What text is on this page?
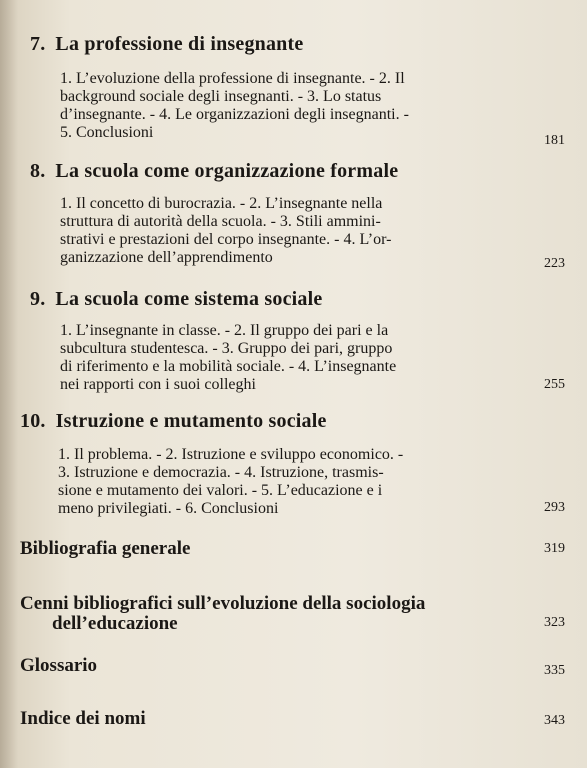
7. La professione di insegnante
1. L’evoluzione della professione di insegnante. - 2. Il
background sociale degli insegnanti. - 3. Lo status
d’insegnante. - 4. Le organizzazioni degli insegnanti. -
5. Conclusioni	181
8. La scuola come organizzazione formale
1. Il concetto di burocrazia. - 2. L’insegnante nella
struttura di autorità della scuola. - 3. Stili ammini-
strativi e prestazioni del corpo insegnante. - 4. L’or-
ganizzazione dell’apprendimento	223
9. La scuola come sistema sociale
1. L’insegnante in classe. - 2. Il gruppo dei pari e la
subcultura studentesca. - 3. Gruppo dei pari, gruppo
di riferimento e la mobilità sociale. - 4. L’insegnante
nei rapporti con i suoi colleghi	255
10. Istruzione e mutamento sociale
1. Il problema. - 2. Istruzione e sviluppo economico. -
3. Istruzione e democrazia. - 4. Istruzione, trasmis-
sione e mutamento dei valori. - 5. L’educazione e i
meno privilegiati. - 6. Conclusioni	293
Bibliografia generale	319
Cenni bibliografici sull’evoluzione della sociologia
dell’educazione	323
Glossario	335
Indice dei nomi	343
